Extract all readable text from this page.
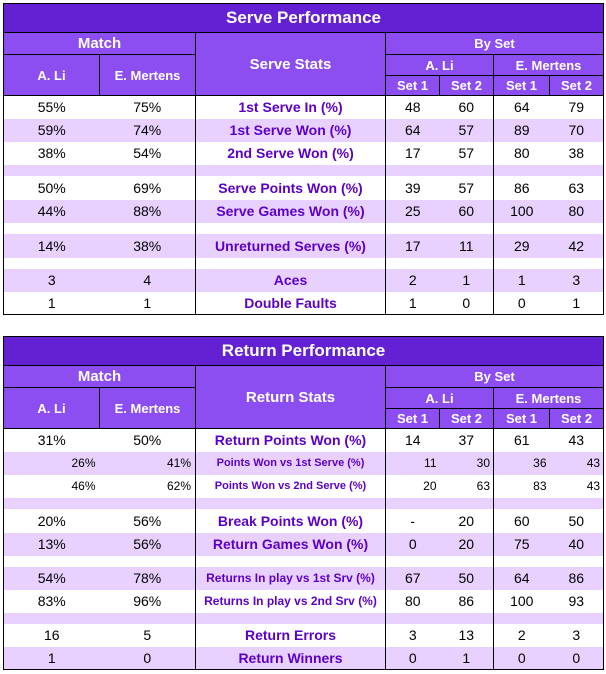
Serve Performance						
Match		Serve Stats	By Set			
A. Li	E. Mertens		A. Li		E. Mertens	
			Set 1	Set 2	Set 1	Set 2
55%	75%	1st Serve In (%)	48	60	64	79
59%	74%	1st Serve Won (%)	64	57	89	70
38%	54%	2nd Serve Won (%)	17	57	80	38

50%	69%	Serve Points Won (%)	39	57	86	63
44%	88%	Serve Games Won (%)	25	60	100	80

14%	38%	Unreturned Serves (%)	17	11	29	42

3	4	Aces	2	1	1	3
1	1	Double Faults	1	0	0	1
Return Performance						
Match		Return Stats	By Set			
A. Li	E. Mertens		A. Li		E. Mertens	
			Set 1	Set 2	Set 1	Set 2
31%	50%	Return Points Won (%)	14	37	61	43
26%	41%	Points Won vs 1st Serve (%)	11	30	36	43
46%	62%	Points Won vs 2nd Serve (%)	20	63	83	43

20%	56%	Break Points Won (%)	-	20	60	50
13%	56%	Return Games Won (%)	0	20	75	40

54%	78%	Returns In play vs 1st Srv (%)	67	50	64	86
83%	96%	Returns In play vs 2nd Srv (%)	80	86	100	93

16	5	Return Errors	3	13	2	3
1	0	Return Winners	0	1	0	0
